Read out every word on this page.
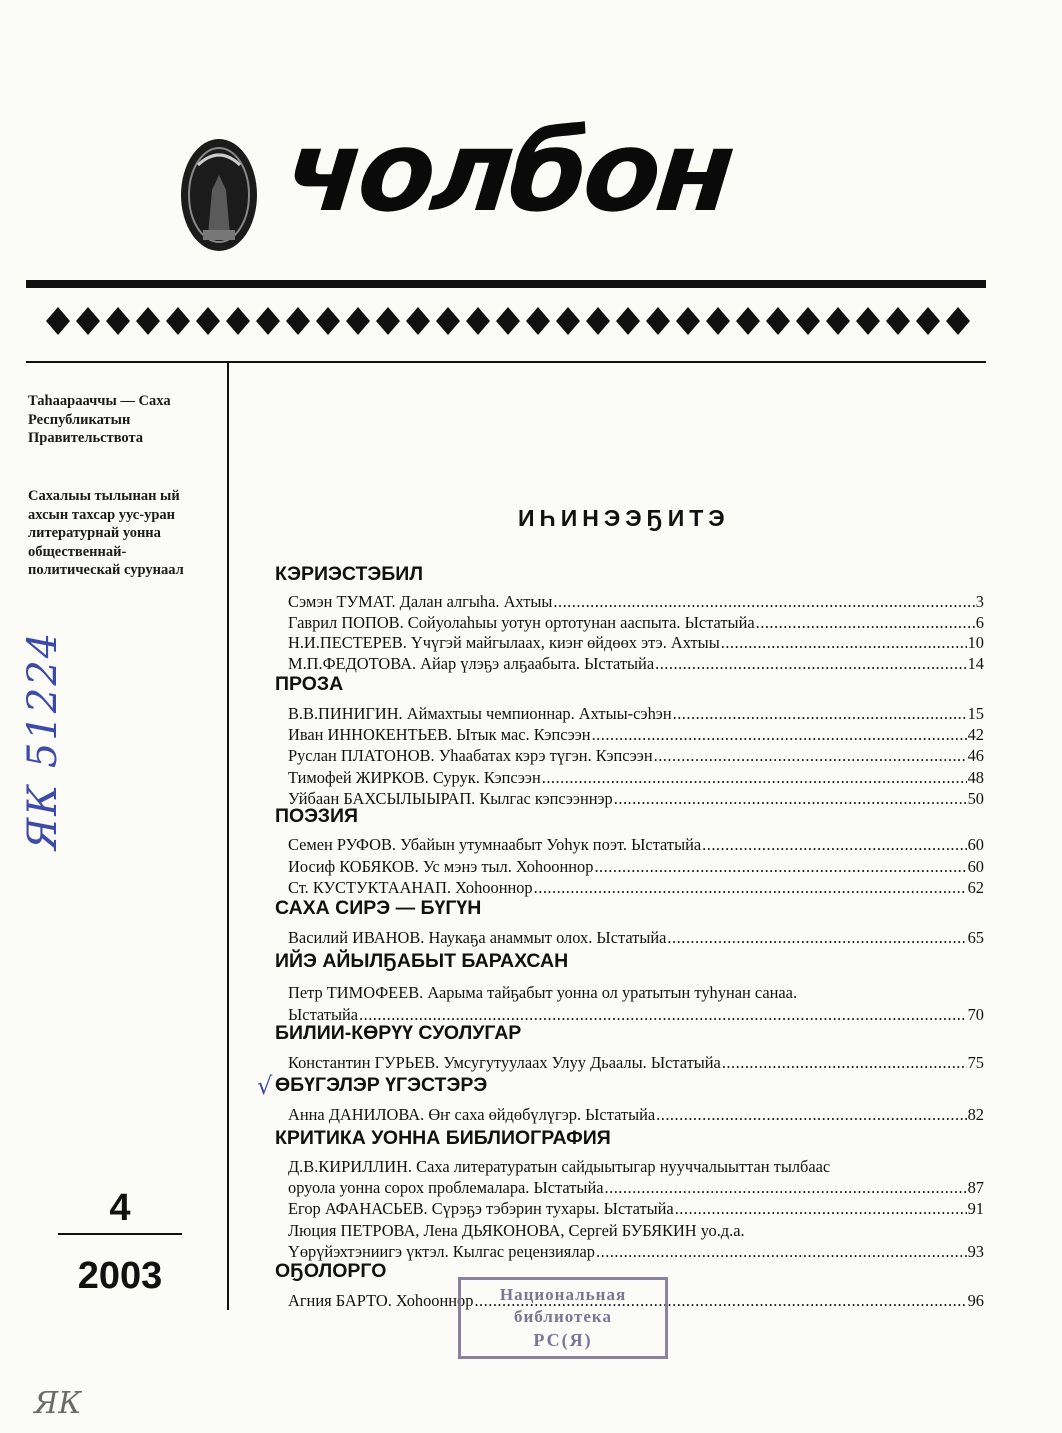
чолбон
Таhаарааччы — Саха Республикатын Правительствота
Сахалыы тылынан ый ахсын тахсар уус-уран литературнай уонна общественнай-политическай сурунаал
4
2003
ЯК 51224
ЯК
√
ИҺИНЭЭҔИТЭ
КЭРИЭСТЭБИЛ
Сэмэн ТУМАТ. Далан алгыhа. Ахтыы .....	3
Гаврил ПОПОВ. Сойуолаhыы уотун ортотунан ааспыта. Ыстатыйа .....	6
Н.И.ПЕСТЕРЕВ. Үчүгэй майгылаах, киэҥ өйдөөх этэ. Ахтыы .....	10
М.П.ФЕДОТОВА. Айар үлэҕэ алҕаабыта. Ыстатыйа .....	14
ПРОЗА
В.В.ПИНИГИН. Аймахтыы чемпионнар. Ахтыы-сэhэн .....	15
Иван ИННОКЕНТЬЕВ. Ытык мас. Кэпсээн .....	42
Руслан ПЛАТОНОВ. Уһаабатах кэрэ түгэн. Кэпсээн .....	46
Тимофей ЖИРКОВ. Сурук. Кэпсээн .....	48
Уйбаан БАХСЫЛЫЫРАП. Кылгас кэпсээннэр .....	50
ПОЭЗИЯ
Семен РУФОВ. Убайын утумнаабыт Уоhук поэт. Ыстатыйа .....	60
Иосиф КОБЯКОВ. Ус мэнэ тыл. Хоhооннор .....	60
Ст. КУСТУКТААНАП. Хоhооннор .....	62
САХА СИРЭ — БҮГҮН
Василий ИВАНОВ. Наукаҕа анаммыт олох. Ыстатыйа .....	65
ИЙЭ АЙЫЛҔАБЫТ БАРАХСАН
Петр ТИМОФЕЕВ. Аарыма тайҕабыт уонна ол уратытын туһунан санаа.
Ыстатыйа .....	70
БИЛИИ-КӨРҮҮ СУОЛУГАР
Константин ГУРЬЕВ. Умсугутуулаах Улуу Дьаалы. Ыстатыйа .....	75
ӨБҮГЭЛЭР ҮГЭСТЭРЭ
Анна ДАНИЛОВА. Өҥ саха өйдөбүлүгэр. Ыстатыйа .....	82
КРИТИКА УОННА БИБЛИОГРАФИЯ
Д.В.КИРИЛЛИН. Саха литературатын сайдыытыгар нууччалыыттан тылбаас
оруола уонна сорох проблемалара. Ыстатыйа .....	87
Егор АФАНАСЬЕВ. Сүрэҕэ тэбэрин тухары. Ыстатыйа .....	91
Люция ПЕТРОВА, Лена ДЬЯКОНОВА, Сергей БУБЯКИН уо.д.а.
Үөрүйэхтэниигэ үктэл. Кылгас рецензиялар .....	93
ОҔОЛОРГО
Агния БАРТО. Хоhооннор .....	96
Национальная
библиотека
РС(Я)
